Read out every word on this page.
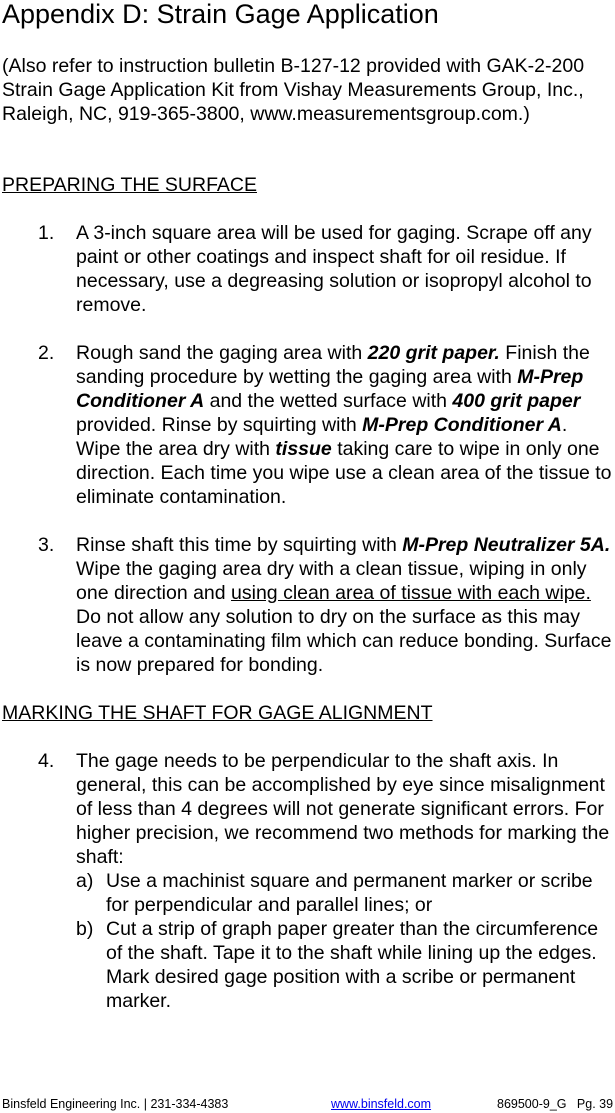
Appendix D: Strain Gage Application
(Also refer to instruction bulletin B-127-12 provided with GAK-2-200 Strain Gage Application Kit from Vishay Measurements Group, Inc., Raleigh, NC, 919-365-3800, www.measurementsgroup.com.)
PREPARING THE SURFACE
1. A 3-inch square area will be used for gaging. Scrape off any paint or other coatings and inspect shaft for oil residue. If necessary, use a degreasing solution or isopropyl alcohol to remove.
2. Rough sand the gaging area with 220 grit paper. Finish the sanding procedure by wetting the gaging area with M-Prep Conditioner A and the wetted surface with 400 grit paper provided. Rinse by squirting with M-Prep Conditioner A. Wipe the area dry with tissue taking care to wipe in only one direction. Each time you wipe use a clean area of the tissue to eliminate contamination.
3. Rinse shaft this time by squirting with M-Prep Neutralizer 5A. Wipe the gaging area dry with a clean tissue, wiping in only one direction and using clean area of tissue with each wipe. Do not allow any solution to dry on the surface as this may leave a contaminating film which can reduce bonding. Surface is now prepared for bonding.
MARKING THE SHAFT FOR GAGE ALIGNMENT
4. The gage needs to be perpendicular to the shaft axis. In general, this can be accomplished by eye since misalignment of less than 4 degrees will not generate significant errors. For higher precision, we recommend two methods for marking the shaft:
a) Use a machinist square and permanent marker or scribe for perpendicular and parallel lines; or
b) Cut a strip of graph paper greater than the circumference of the shaft. Tape it to the shaft while lining up the edges. Mark desired gage position with a scribe or permanent marker.
Binsfeld Engineering Inc. | 231-334-4383	www.binsfeld.com	869500-9_G   Pg. 39
